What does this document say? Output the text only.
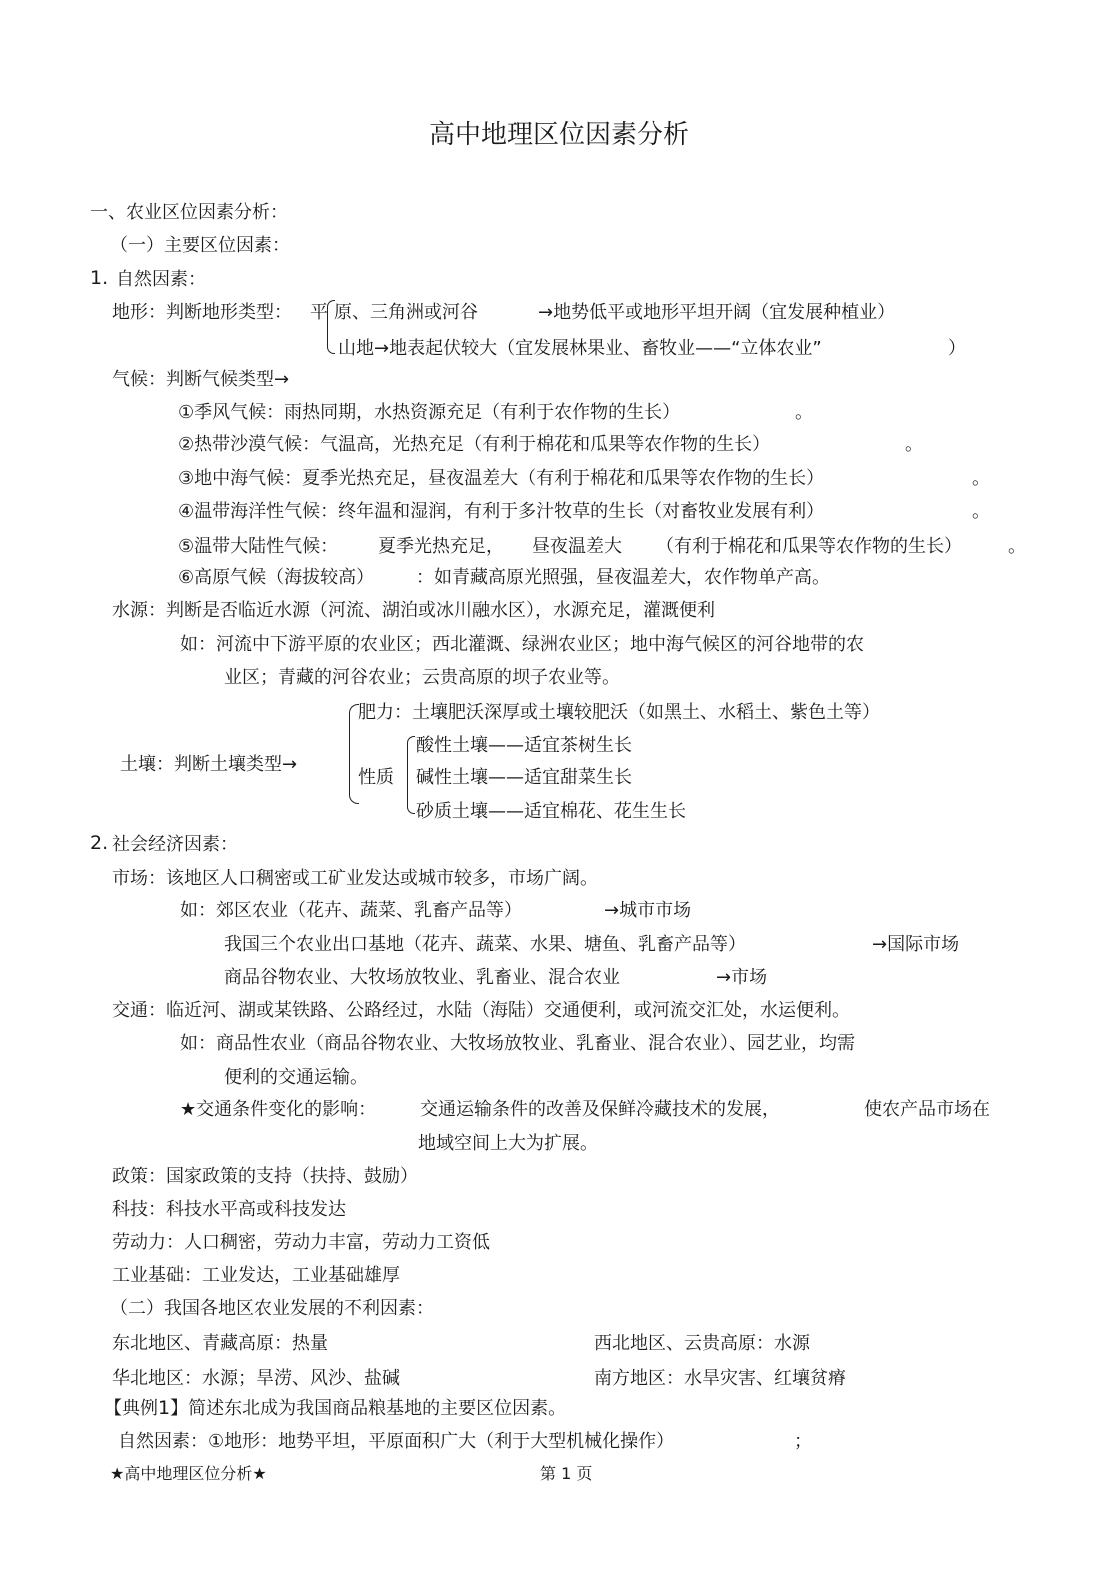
高中地理区位因素分析
一、农业区位因素分析：
（一）主要区位因素：
1. 自然因素：
地形：判断地形类型： 平 原、三角洲或河谷	→地势低平或地形平坦开阔（宜发展种植业）
山地→地表起伏较大（宜发展林果业、畜牧业——“立体农业”	）
气候：判断气候类型→
①季风气候：雨热同期，水热资源充足（有利于农作物的生长）	。
②热带沙漠气候：气温高，光热充足（有利于棉花和瓜果等农作物的生长）	。
③地中海气候：夏季光热充足，昼夜温差大（有利于棉花和瓜果等农作物的生长）	。
④温带海洋性气候：终年温和湿润，有利于多汁牧草的生长（对畜牧业发展有利）	。
⑤温带大陆性气候： 夏季光热充足， 昼夜温差大 （有利于棉花和瓜果等农作物的生长）	。
⑥高原气候（海拔较高） ：如青藏高原光照强，昼夜温差大，农作物单产高。
水源：判断是否临近水源（河流、湖泊或冰川融水区），水源充足，灌溉便利
如：河流中下游平原的农业区；西北灌溉、绿洲农业区；地中海气候区的河谷地带的农
业区；青藏的河谷农业；云贵高原的坝子农业等。
肥力：土壤肥沃深厚或土壤较肥沃（如黑土、水稻土、紫色土等）
土壤：判断土壤类型→
性质
酸性土壤——适宜茶树生长
碱性土壤——适宜甜菜生长
砂质土壤——适宜棉花、花生生长
2. 社会经济因素：
市场：该地区人口稠密或工矿业发达或城市较多，市场广阔。
如：郊区农业（花卉、蔬菜、乳畜产品等）	→城市市场
我国三个农业出口基地（花卉、蔬菜、水果、塘鱼、乳畜产品等）	→国际市场
商品谷物农业、大牧场放牧业、乳畜业、混合农业	→市场
交通：临近河、湖或某铁路、公路经过，水陆（海陆）交通便利，或河流交汇处，水运便利。
如：商品性农业（商品谷物农业、大牧场放牧业、乳畜业、混合农业）、园艺业，均需
便利的交通运输。
★交通条件变化的影响： 交通运输条件的改善及保鲜冷藏技术的发展，	使农产品市场在
地域空间上大为扩展。
政策：国家政策的支持（扶持、鼓励）
科技：科技水平高或科技发达
劳动力：人口稠密，劳动力丰富，劳动力工资低
工业基础：工业发达，工业基础雄厚
（二）我国各地区农业发展的不利因素：
东北地区、青藏高原：热量	西北地区、云贵高原：水源
华北地区：水源；旱涝、风沙、盐碱	南方地区：水旱灾害、红壤贫瘠
【典例1】简述东北成为我国商品粮基地的主要区位因素。
自然因素：①地形：地势平坦，平原面积广大（利于大型机械化操作）	；
★高中地理区位分析★	第 1 页
